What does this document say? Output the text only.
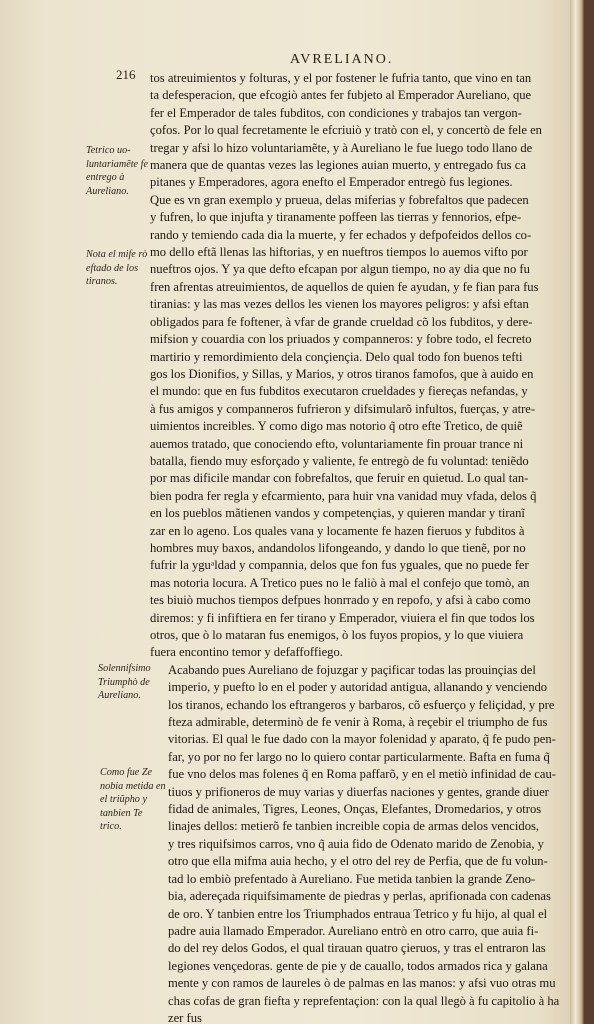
216
AVRELIANO.

tos atreuimientos y folturas, y el por fostener le fufria tanto, que vino en tan
ta defesperacion, que efcogiò antes fer fubjeto al Emperador Aureliano, que
fer el Emperador de tales fubditos, con condiciones y trabajos tan vergon-
çofos. Por lo qual fecretamente le efcriuiò y tratò con el, y concertò de fele en
tregar y afsi lo hizo voluntariamẽte, y à Aureliano le fue luego todo llano de
manera que de quantas vezes las legiones auian muerto, y entregado fus ca
pitanes y Emperadores, agora enefto el Emperador entregò fus legiones.
Que es vn gran exemplo y prueua, delas miferias y fobrefaltos que padecen
y fufren, lo que injufta y tiranamente poffeen las tierras y fennorios, efpe-
rando y temiendo cada dia la muerte, y fer echados y defpofeidos dellos co-
mo dello eftã llenas las hiftorias, y en nueftros tiempos lo auemos vifto por
nueftros ojos. Y ya que defto efcapan por algun tiempo, no ay dia que no fu
fren afrentas atreuimientos, de aquellos de quien fe ayudan, y fe fian para fus
tiranias: y las mas vezes dellos les vienen los mayores peligros: y afsi eftan
obligados para fe foftener, à vfar de grande crueldad cõ los fubditos, y dere-
mifsion y couardia con los priuados y companneros: y fobre todo, el fecreto
martirio y remordimiento dela conçiençia. Delo qual todo fon buenos tefti
gos los Dionifios, y Sillas, y Marios, y otros tiranos famofos, que à auido en
el mundo: que en fus fubditos executaron crueldades y fiereças nefandas, y
à fus amigos y companneros fufrieron y difsimularõ infultos, fuerças, y atre-
uimientos increibles. Y como digo mas notorio q̃ otro efte Tretico, de quiẽ
auemos tratado, que conociendo efto, voluntariamente fin prouar trance ni
batalla, fiendo muy esforçado y valiente, fe entregò de fu voluntad: teniẽdo
por mas dificile mandar con fobrefaltos, que feruir en quietud. Lo qual tan-
bien podra fer regla y efcarmiento, para huir vna vanidad muy vfada, delos q̃
en los pueblos mãtienen vandos y competençias, y quieren mandar y tiranĩ
zar en lo ageno. Los quales vana y locamente fe hazen fieruos y fubditos à
hombres muy baxos, andandolos lifongeando, y dando lo que tienẽ, por no
fufrir la yguᵃldad y compannia, delos que fon fus yguales, que no puede fer
mas notoria locura. A Tretico pues no le faliò à mal el confejo que tomò, an
tes biuiò muchos tiempos defpues honrrado y en repofo, y afsi à cabo como
diremos: y fi infiftiera en fer tirano y Emperador, viuiera el fin que todos los
otros, que ò lo mataran fus enemigos, ò los fuyos propios, y lo que viuiera
fuera encontino temor y defaffoffiego.

Acabando pues Aureliano de fojuzgar y paçificar todas las prouinçias del
imperio, y puefto lo en el poder y autoridad antigua, allanando y venciendo
los tiranos, echando los eftrangeros y barbaros, cõ esfuerço y feliçidad, y pre
fteza admirable, determinò de fe venir à Roma, à reçebir el triumpho de fus
vitorias. El qual le fue dado con la mayor folenidad y aparato, q̃ fe pudo pen-
far, yo por no fer largo no lo quiero contar particularmente. Bafta en fuma q̃
fue vno delos mas folenes q̃ en Roma paffarõ, y en el metiò infinidad de cau-
tiuos y prifioneros de muy varias y diuerfas naciones y gentes, grande diuer
fidad de animales, Tigres, Leones, Onças, Elefantes, Dromedarios, y otros
linajes dellos: metierõ fe tanbien increible copia de armas delos vencidos,
y tres riquifsimos carros, vno q̃ auia fido de Odenato marido de Zenobia, y
otro que ella mifma auia hecho, y el otro del rey de Perfia, que de fu volun-
tad lo embiò prefentado à Aureliano. Fue metida tanbien la grande Zeno-
bia, adereçada riquifsimamente de piedras y perlas, aprifionada con cadenas
de oro. Y tanbien entre los Triumphados entraua Tetrico y fu hijo, al qual el
padre auia llamado Emperador. Aureliano entrò en otro carro, que auia fi-
do del rey delos Godos, el qual tirauan quatro çieruos, y tras el entraron las
legiones vençedoras. gente de pie y de cauallo, todos armados rica y galana
mente y con ramos de laureles ò de palmas en las manos: y afsi vuo otras mu
chas cofas de gran fiefta y reprefentaçion: con la qual llegò à fu capitolio à ha
zer fus

Tetrico uo-luntariamẽte fe entrego à Aureliano.
Nota el mife rò eftado de los tiranos.
Solennifsimo Triumphò de Aureliano.
Como fue Ze nobia metida en el triũpho y tanbien Te trico.
